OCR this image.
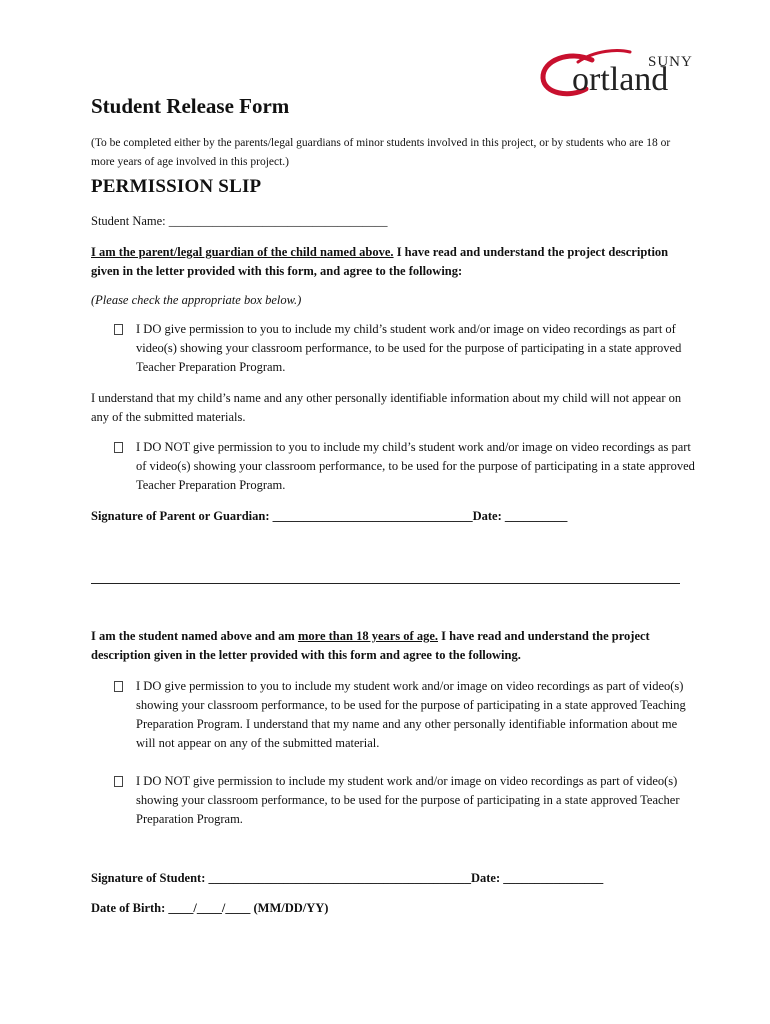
SUNY
ortland
Student Release Form

(To be completed either by the parents/legal guardians of minor students involved in this project, or by students who are 18 or more years of age involved in this project.)

PERMISSION SLIP

Student Name: ___________________________________

I am the parent/legal guardian of the child named above. I have read and understand the project description given in the letter provided with this form, and agree to the following:

(Please check the appropriate box below.)

I DO give permission to you to include my child’s student work and/or image on video recordings as part of video(s) showing your classroom performance, to be used for the purpose of participating in a state approved Teacher Preparation Program.

I understand that my child’s name and any other personally identifiable information about my child will not appear on any of the submitted materials.

I DO NOT give permission to you to include my child’s student work and/or image on video recordings as part of video(s) showing your classroom performance, to be used for the purpose of participating in a state approved Teacher Preparation Program.

Signature of Parent or Guardian: ________________________________Date: __________

I am the student named above and am more than 18 years of age. I have read and understand the project description given in the letter provided with this form and agree to the following.

I DO give permission to you to include my student work and/or image on video recordings as part of video(s) showing your classroom performance, to be used for the purpose of participating in a state approved Teaching Preparation Program. I understand that my name and any other personally identifiable information about me will not appear on any of the submitted material.

I DO NOT give permission to include my student work and/or image on video recordings as part of video(s) showing your classroom performance, to be used for the purpose of participating in a state approved Teacher Preparation Program.

Signature of Student: __________________________________________Date: ________________

Date of Birth: ____/____/____ (MM/DD/YY)
